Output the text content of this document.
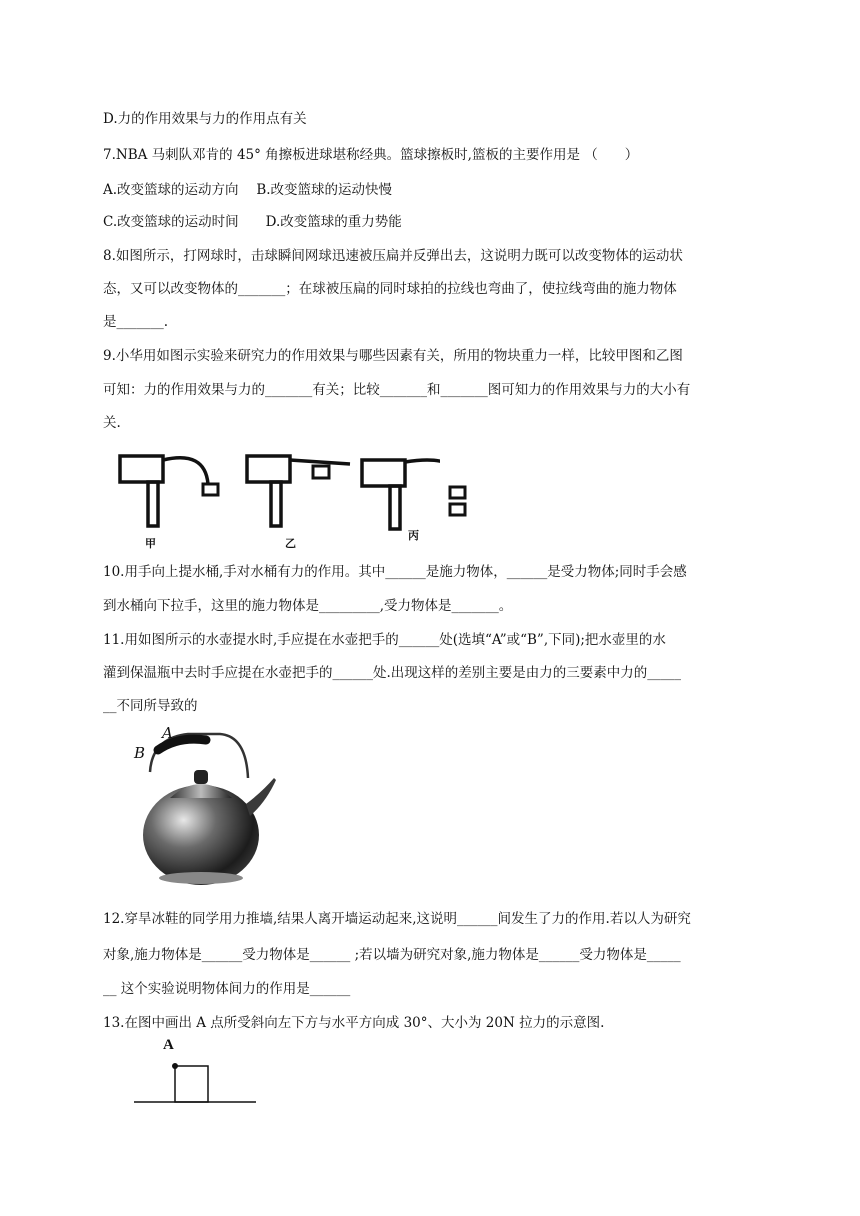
D.力的作用效果与力的作用点有关
7.NBA 马刺队邓肯的 45° 角擦板进球堪称经典。篮球擦板时,篮板的主要作用是 （　　）
A.改变篮球的运动方向　 B.改变篮球的运动快慢
C.改变篮球的运动时间　　D.改变篮球的重力势能
8.如图所示，打网球时，击球瞬间网球迅速被压扁并反弹出去，这说明力既可以改变物体的运动状
态，又可以改变物体的_______；在球被压扁的同时球拍的拉线也弯曲了，使拉线弯曲的施力物体
是_______.
9.小华用如图示实验来研究力的作用效果与哪些因素有关，所用的物块重力一样，比较甲图和乙图
可知：力的作用效果与力的_______有关；比较_______和_______图可知力的作用效果与力的大小有
关.
甲	乙
丙
10.用手向上提水桶,手对水桶有力的作用。其中______是施力物体，______是受力物体;同时手会感
到水桶向下拉手，这里的施力物体是_________,受力物体是_______。
11.用如图所示的水壶提水时,手应提在水壶把手的______处(选填“A”或“B”,下同);把水壶里的水
灌到保温瓶中去时手应提在水壶把手的______处.出现这样的差别主要是由力的三要素中力的_____
__不同所导致的
A
B
12.穿旱冰鞋的同学用力推墙,结果人离开墙运动起来,这说明______间发生了力的作用.若以人为研究
对象,施力物体是______受力物体是______ ;若以墙为研究对象,施力物体是______受力物体是_____
__ 这个实验说明物体间力的作用是______
13.在图中画出 A 点所受斜向左下方与水平方向成 30°、大小为 20N 拉力的示意图.
A
